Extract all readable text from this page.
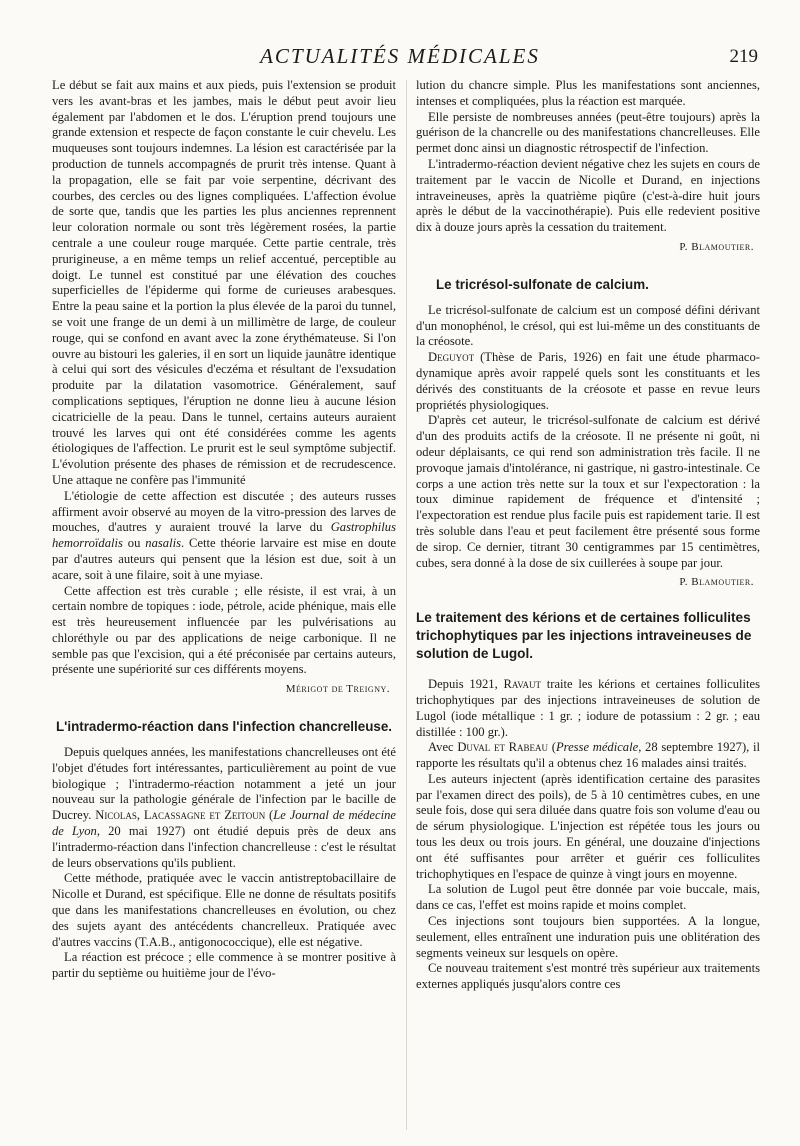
ACTUALITÉS MÉDICALES	219

Le début se fait aux mains et aux pieds, puis l'extension se produit vers les avant-bras et les jambes, mais le début peut avoir lieu également par l'abdomen et le dos. L'éruption prend toujours une grande extension et respecte de façon constante le cuir chevelu. Les muqueuses sont toujours indemnes. La lésion est caractérisée par la production de tunnels accompagnés de prurit très intense. Quant à la propagation, elle se fait par voie serpentine, décrivant des courbes, des cercles ou des lignes compliquées. L'affection évolue de sorte que, tandis que les parties les plus anciennes reprennent leur coloration normale ou sont très légèrement rosées, la partie centrale a une couleur rouge marquée. Cette partie centrale, très prurigineuse, a en même temps un relief accentué, perceptible au doigt. Le tunnel est constitué par une élévation des couches superficielles de l'épiderme qui forme de curieuses arabesques. Entre la peau saine et la portion la plus élevée de la paroi du tunnel, se voit une frange de un demi à un millimètre de large, de couleur rouge, qui se confond en avant avec la zone érythémateuse. Si l'on ouvre au bistouri les galeries, il en sort un liquide jaunâtre identique à celui qui sort des vésicules d'eczéma et résultant de l'exsudation produite par la dilatation vasomotrice. Généralement, sauf complications septiques, l'éruption ne donne lieu à aucune lésion cicatricielle de la peau. Dans le tunnel, certains auteurs auraient trouvé les larves qui ont été considérées comme les agents étiologiques de l'affection. Le prurit est le seul symptôme subjectif. L'évolution présente des phases de rémission et de recrudescence. Une attaque ne confère pas l'immunité

L'étiologie de cette affection est discutée ; des auteurs russes affirment avoir observé au moyen de la vitro-pression des larves de mouches, d'autres y auraient trouvé la larve du Gastrophilus hemorroïdalis ou nasalis. Cette théorie larvaire est mise en doute par d'autres auteurs qui pensent que la lésion est due, soit à un acare, soit à une filaire, soit à une myiase.

Cette affection est très curable ; elle résiste, il est vrai, à un certain nombre de topiques : iode, pétrole, acide phénique, mais elle est très heureusement influencée par les pulvérisations au chloréthyle ou par des applications de neige carbonique. Il ne semble pas que l'excision, qui a été préconisée par certains auteurs, présente une supériorité sur ces différents moyens.

Mérigot de Treigny.
L'intradermo-réaction dans l'infection chancrelleuse.

Depuis quelques années, les manifestations chancrelleuses ont été l'objet d'études fort intéressantes, particulièrement au point de vue biologique ; l'intradermo-réaction notamment a jeté un jour nouveau sur la pathologie générale de l'infection par le bacille de Ducrey. Nicolas, Lacassagne et Zeitoun (Le Journal de médecine de Lyon, 20 mai 1927) ont étudié depuis près de deux ans l'intradermo-réaction dans l'infection chancrelleuse : c'est le résultat de leurs observations qu'ils publient.

Cette méthode, pratiquée avec le vaccin antistreptobacillaire de Nicolle et Durand, est spécifique. Elle ne donne de résultats positifs que dans les manifestations chancrelleuses en évolution, ou chez des sujets ayant des antécédents chancrelleux. Pratiquée avec d'autres vaccins (T.A.B., antigonococcique), elle est négative.

La réaction est précoce ; elle commence à se montrer positive à partir du septième ou huitième jour de l'évo-

lution du chancre simple. Plus les manifestations sont anciennes, intenses et compliquées, plus la réaction est marquée.

Elle persiste de nombreuses années (peut-être toujours) après la guérison de la chancrelle ou des manifestations chancrelleuses. Elle permet donc ainsi un diagnostic rétrospectif de l'infection.

L'intradermo-réaction devient négative chez les sujets en cours de traitement par le vaccin de Nicolle et Durand, en injections intraveineuses, après la quatrième piqûre (c'est-à-dire huit jours après le début de la vaccinothérapie). Puis elle redevient positive dix à douze jours après la cessation du traitement.

P. Blamoutier.
Le tricrésol-sulfonate de calcium.

Le tricrésol-sulfonate de calcium est un composé défini dérivant d'un monophénol, le crésol, qui est lui-même un des constituants de la créosote.

Deguyot (Thèse de Paris, 1926) en fait une étude pharmaco-dynamique après avoir rappelé quels sont les constituants et les dérivés des constituants de la créosote et passe en revue leurs propriétés physiologiques.

D'après cet auteur, le tricrésol-sulfonate de calcium est dérivé d'un des produits actifs de la créosote. Il ne présente ni goût, ni odeur déplaisants, ce qui rend son administration très facile. Il ne provoque jamais d'intolérance, ni gastrique, ni gastro-intestinale. Ce corps a une action très nette sur la toux et sur l'expectoration : la toux diminue rapidement de fréquence et d'intensité ; l'expectoration est rendue plus facile puis est rapidement tarie. Il est très soluble dans l'eau et peut facilement être présenté sous forme de sirop. Ce dernier, titrant 30 centigrammes par 15 centimètres, cubes, sera donné à la dose de six cuillerées à soupe par jour.

P. Blamoutier.
Le traitement des kérions et de certaines folliculites trichophytiques par les injections intraveineuses de solution de Lugol.

Depuis 1921, Ravaut traite les kérions et certaines folliculites trichophytiques par des injections intraveineuses de solution de Lugol (iode métallique : 1 gr. ; iodure de potassium : 2 gr. ; eau distillée : 100 gr.).

Avec Duval et Rabeau (Presse médicale, 28 septembre 1927), il rapporte les résultats qu'il a obtenus chez 16 malades ainsi traités.

Les auteurs injectent (après identification certaine des parasites par l'examen direct des poils), de 5 à 10 centimètres cubes, en une seule fois, dose qui sera diluée dans quatre fois son volume d'eau ou de sérum physiologique. L'injection est répétée tous les jours ou tous les deux ou trois jours. En général, une douzaine d'injections ont été suffisantes pour arrêter et guérir ces folliculites trichophytiques en l'espace de quinze à vingt jours en moyenne.

La solution de Lugol peut être donnée par voie buccale, mais, dans ce cas, l'effet est moins rapide et moins complet.

Ces injections sont toujours bien supportées. A la longue, seulement, elles entraînent une induration puis une oblitération des segments veineux sur lesquels on opère.

Ce nouveau traitement s'est montré très supérieur aux traitements externes appliqués jusqu'alors contre ces
